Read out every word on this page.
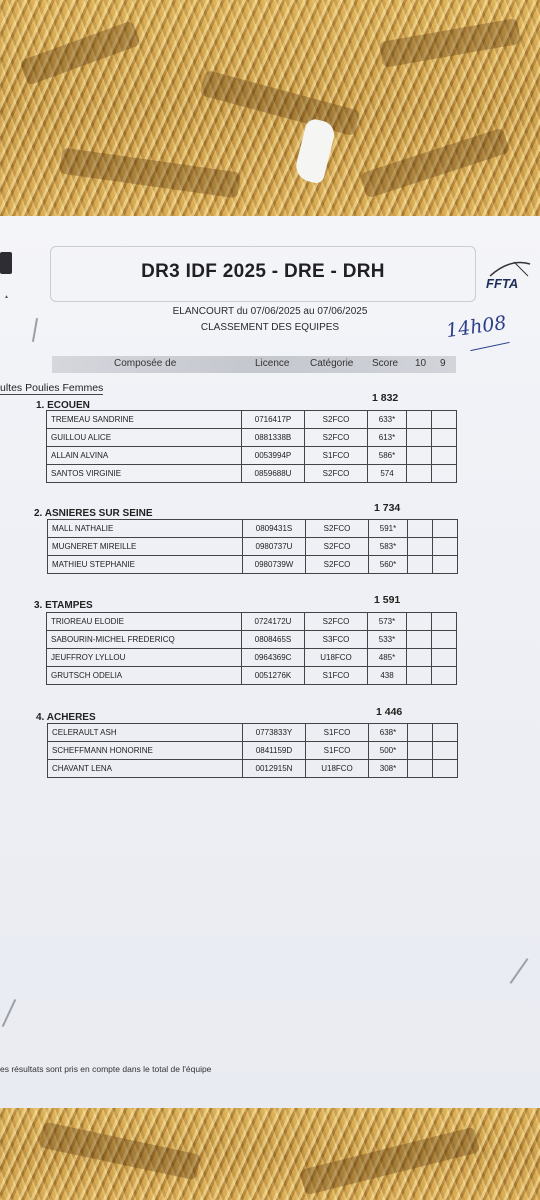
▲
DR3 IDF 2025 - DRE - DRH
FFTA
ELANCOURT du 07/06/2025 au 07/06/2025
CLASSEMENT DES EQUIPES	14h08
Composée de	Licence Catégorie Score 10 9
ultes Poulies Femmes
1. ECOUEN
1 832
TREMEAU SANDRINE	0716417P	S2FCO	633*		
GUILLOU ALICE	0881338B	S2FCO	613*		
ALLAIN ALVINA	0053994P	S1FCO	586*		
SANTOS VIRGINIE	0859688U	S2FCO	574		
2. ASNIERES SUR SEINE	1 734
MALL NATHALIE	0809431S	S2FCO	591*		
MUGNERET MIREILLE	0980737U	S2FCO	583*		
MATHIEU STEPHANIE	0980739W	S2FCO	560*		
3. ETAMPES	1 591
TRIOREAU ELODIE	0724172U	S2FCO	573*		
SABOURIN-MICHEL FREDERICQ	0808465S	S3FCO	533*		
JEUFFROY LYLLOU	0964369C	U18FCO	485*		
GRUTSCH ODELIA	0051276K	S1FCO	438		
4. ACHERES	1 446
CELERAULT ASH	0773833Y	S1FCO	638*		
SCHEFFMANN HONORINE	0841159D	S1FCO	500*		
CHAVANT LENA	0012915N	U18FCO	308*		
es résultats sont pris en compte dans le total de l'équipe
